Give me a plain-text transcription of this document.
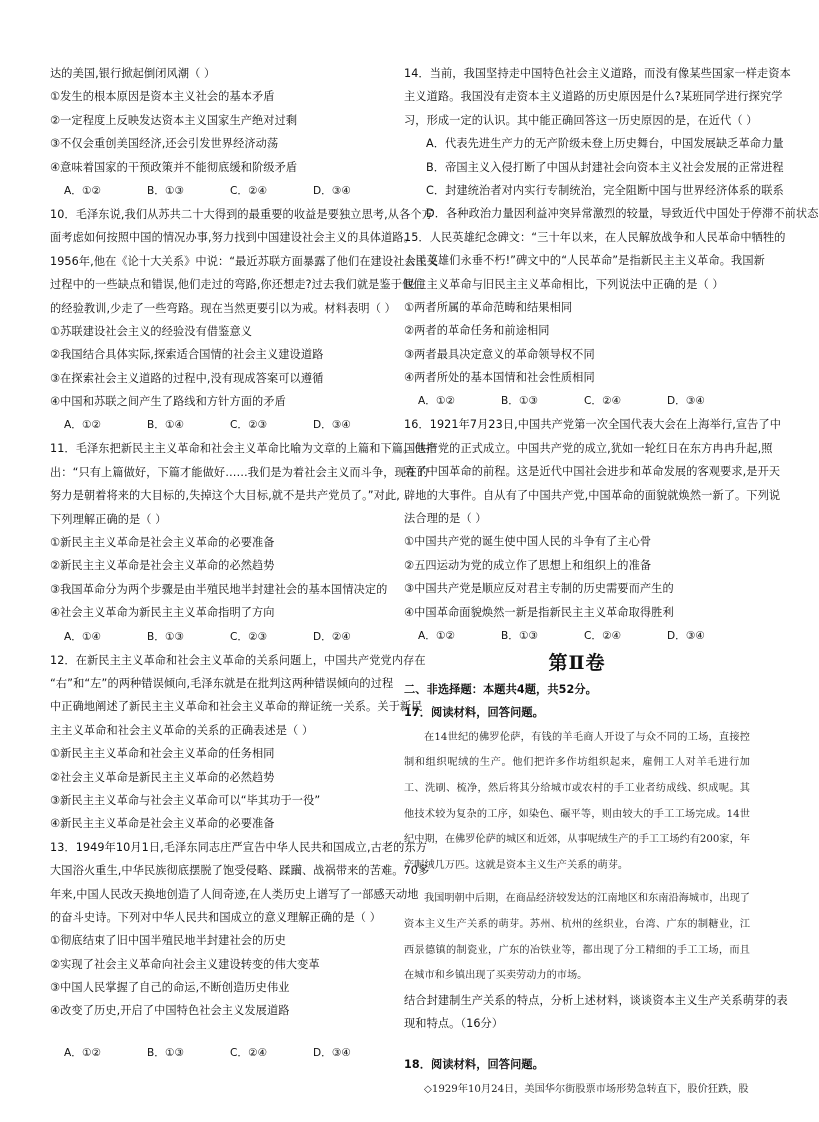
达的美国,银行掀起倒闭风潮（ ）
①发生的根本原因是资本主义社会的基本矛盾
②一定程度上反映发达资本主义国家生产绝对过剩
③不仅会重创美国经济,还会引发世界经济动荡
④意味着国家的干预政策并不能彻底缓和阶级矛盾
A．①②	B．①③	C．②④	D．③④
10．毛泽东说,我们从苏共二十大得到的最重要的收益是要独立思考,从各个方
面考虑如何按照中国的情况办事,努力找到中国建设社会主义的具体道路。
1956年,他在《论十大关系》中说：“最近苏联方面暴露了他们在建设社会主义
过程中的一些缺点和错误,他们走过的弯路,你还想走?过去我们就是鉴于他们
的经验教训,少走了一些弯路。现在当然更要引以为戒。材料表明（ ）
①苏联建设社会主义的经验没有借鉴意义
②我国结合具体实际,探索适合国情的社会主义建设道路
③在探索社会主义道路的过程中,没有现成答案可以遵循
④中国和苏联之间产生了路线和方针方面的矛盾
A．①②	B．①④	C．②③	D．③④
11．毛泽东把新民主主义革命和社会主义革命比喻为文章的上篇和下篇。他指
出：“只有上篇做好，下篇才能做好……我们是为着社会主义而斗争，现在的
努力是朝着将来的大目标的,失掉这个大目标,就不是共产党员了。”对此,
下列理解正确的是（ ）
①新民主主义革命是社会主义革命的必要准备
②新民主主义革命是社会主义革命的必然趋势
③我国革命分为两个步骤是由半殖民地半封建社会的基本国情决定的
④社会主义革命为新民主主义革命指明了方向
A．①④	B．①③	C．②③	D．②④
12．在新民主主义革命和社会主义革命的关系问题上，中国共产党党内存在
“右”和“左”的两种错误倾向,毛泽东就是在批判这两种错误倾向的过程
中正确地阐述了新民主主义革命和社会主义革命的辩证统一关系。关于新民
主主义革命和社会主义革命的关系的正确表述是（ ）
①新民主主义革命和社会主义革命的任务相同
②社会主义革命是新民主主义革命的必然趋势
③新民主主义革命与社会主义革命可以“毕其功于一役”
④新民主主义革命是社会主义革命的必要准备
13．1949年10月1日,毛泽东同志庄严宣告中华人民共和国成立,古老的东方
大国浴火重生,中华民族彻底摆脱了饱受侵略、蹂躏、战祸带来的苦难。70多
年来,中国人民改天换地创造了人间奇迹,在人类历史上谱写了一部感天动地
的奋斗史诗。下列对中华人民共和国成立的意义理解正确的是（ ）
①彻底结束了旧中国半殖民地半封建社会的历史
②实现了社会主义革命向社会主义建设转变的伟大变革
③中国人民掌握了自己的命运,不断创造历史伟业
④改变了历史,开启了中国特色社会主义发展道路
A．①②	B．①③	C．②④	D．③④
14．当前，我国坚持走中国特色社会主义道路，而没有像某些国家一样走资本
主义道路。我国没有走资本主义道路的历史原因是什么?某班同学进行探究学
习，形成一定的认识。其中能正确回答这一历史原因的是，在近代（ ）
A．代表先进生产力的无产阶级未登上历史舞台，中国发展缺乏革命力量
B．帝国主义入侵打断了中国从封建社会向资本主义社会发展的正常进程
C．封建统治者对内实行专制统治，完全阻断中国与世界经济体系的联系
D．各种政治力量因利益冲突异常激烈的较量，导致近代中国处于停滞不前状态
15．人民英雄纪念碑文：“三十年以来，在人民解放战争和人民革命中牺牲的
人民英雄们永垂不朽!”碑文中的“人民革命”是指新民主主义革命。我国新
民主主义革命与旧民主主义革命相比，下列说法中正确的是（ ）
①两者所属的革命范畴和结果相同
②两者的革命任务和前途相同
③两者最具决定意义的革命领导权不同
④两者所处的基本国情和社会性质相同
A．①②	B．①③	C．②④	D．③④
16．1921年7月23日,中国共产党第一次全国代表大会在上海举行,宣告了中
国共产党的正式成立。中国共产党的成立,犹如一轮红日在东方冉冉升起,照
亮了中国革命的前程。这是近代中国社会进步和革命发展的客观要求,是开天
辟地的大事件。自从有了中国共产党,中国革命的面貌就焕然一新了。下列说
法合理的是（ ）
①中国共产党的诞生使中国人民的斗争有了主心骨
②五四运动为党的成立作了思想上和组织上的准备
③中国共产党是顺应反对君主专制的历史需要而产生的
④中国革命面貌焕然一新是指新民主主义革命取得胜利
A．①②	B．①③	C．②④	D．③④
第Ⅱ卷
二、非选择题：本题共4题，共52分。
17．阅读材料，回答问题。

在14世纪的佛罗伦萨，有钱的羊毛商人开设了与众不同的工场，直接控制和组织呢绒的生产。他们把许多作坊组织起来，雇佣工人对羊毛进行加工、洗刷、梳净，然后将其分给城市或农村的手工业者纺成线、织成呢。其他技术较为复杂的工序，如染色、碾平等，则由较大的手工工场完成。14世纪中期，在佛罗伦萨的城区和近郊，从事呢绒生产的手工工场约有200家，年产呢绒几万匹。这就是资本主义生产关系的萌芽。

我国明朝中后期，在商品经济较发达的江南地区和东南沿海城市，出现了资本主义生产关系的萌芽。苏州、杭州的丝织业，台湾、广东的制糖业，江西景德镇的制瓷业，广东的冶铁业等，都出现了分工精细的手工工场，而且在城市和乡镇出现了买卖劳动力的市场。

结合封建制生产关系的特点，分析上述材料，谈谈资本主义生产关系萌芽的表
现和特点。（16分）
18．阅读材料，回答问题。

◇1929年10月24日，美国华尔街股票市场形势急转直下，股价狂跌，股
